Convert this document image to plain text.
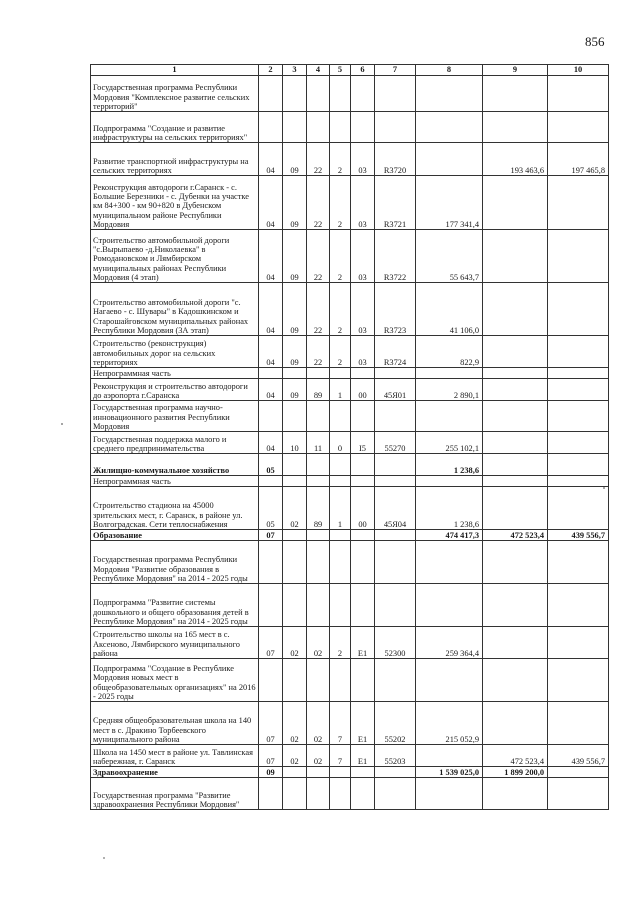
856
1	2	3	4	5	6	7	8	9	10
Государственная программа Республики Мордовия "Комплексное развитие сельских территорий"									
Подпрограмма "Создание и развитие инфраструктуры на сельских территориях"									
Развитие транспортной инфраструктуры на сельских территориях	04	09	22	2	03	R3720		193 463,6	197 465,8
Реконструкция автодороги г.Саранск - с. Большие Березники - с. Дубенки на участке км 84+300 - км 90+820 в Дубенском муниципальном районе Республики Мордовия	04	09	22	2	03	R3721	177 341,4		
Строительство автомобильной дороги "с.Вырыпаево -д.Николаевка" в Ромодановском и Лямбирском муниципальных районах Республики Мордовия (4 этап)	04	09	22	2	03	R3722	55 643,7		
Строительство автомобильной дороги "с. Нагаево - с. Шувары" в Кадошкинском и Старошайговском муниципальных районах Республики Мордовия (3А этап)	04	09	22	2	03	R3723	41 106,0		
Строительство (реконструкция) автомобильных дорог на сельских территориях	04	09	22	2	03	R3724	822,9		
Непрограммная часть									
Реконструкция и строительство автодороги до аэропорта г.Саранска	04	09	89	1	00	45Я01	2 890,1		
Государственная программа научно-инновационного развития Республики Мордовия									
Государственная поддержка малого и среднего предпринимательства	04	10	11	0	I5	55270	255 102,1		
Жилищно-коммунальное хозяйство	05						1 238,6		
Непрограммная часть									
Строительство стадиона на 45000 зрительских мест, г. Саранск, в районе ул. Волгоградская. Сети теплоснабжения	05	02	89	1	00	45Я04	1 238,6		
Образование	07						474 417,3	472 523,4	439 556,7
Государственная программа Республики Мордовия "Развитие образования в Республике Мордовия" на 2014 - 2025 годы									
Подпрограмма "Развитие системы дошкольного и общего образования детей в Республике Мордовия" на 2014 - 2025 годы									
Строительство школы на 165 мест в с. Аксеново, Лямбирского муниципального района	07	02	02	2	E1	52300	259 364,4		
Подпрограмма "Создание в Республике Мордовия новых мест в общеобразовательных организациях" на 2016 - 2025 годы									
Средняя общеобразовательная школа на 140 мест в с. Дракино Торбеевского муниципального района	07	02	02	7	E1	55202	215 052,9		
Школа на 1450 мест в районе ул. Тавлинская набережная, г. Саранск	07	02	02	7	E1	55203		472 523,4	439 556,7
Здравоохранение	09						1 539 025,0	1 899 200,0	
Государственная программа "Развитие здравоохранения Республики Мордовия"									
